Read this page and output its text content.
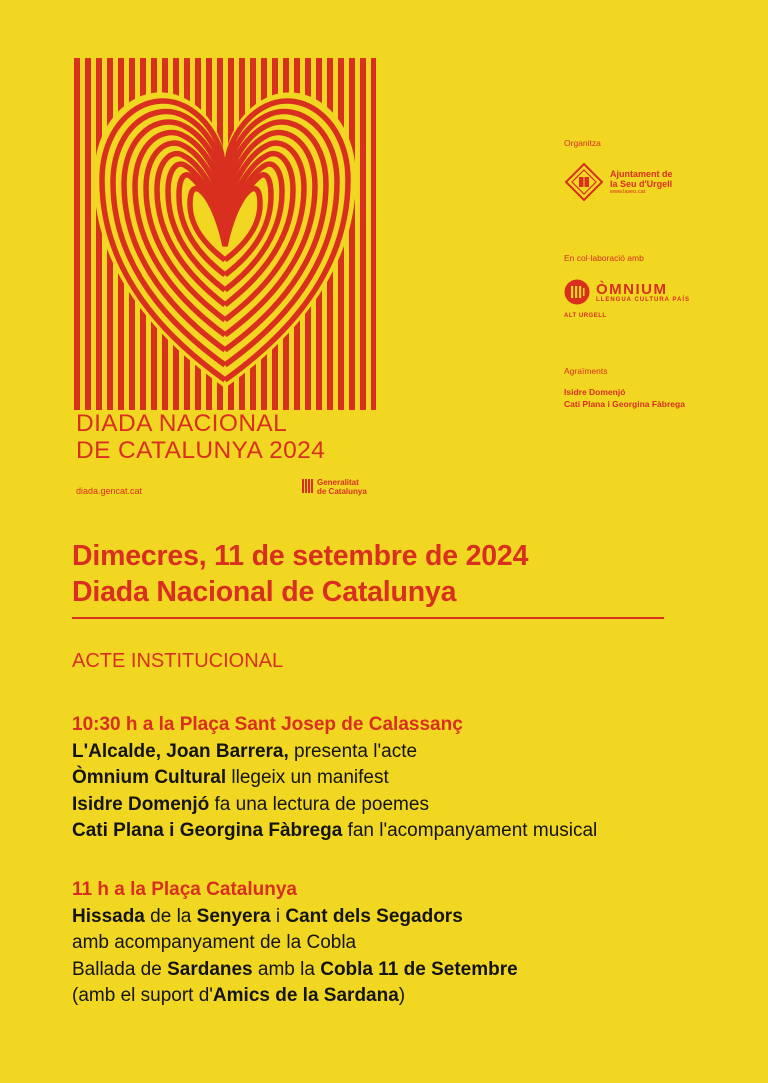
DIADA NACIONAL
DE CATALUNYA 2024
diada.gencat.cat
Generalitat
de Catalunya
Organitza
Ajuntament de
la Seu d'Urgell
www.laseu.cat
En col·laboració amb
ÒMNIUM
LLENGUA CULTURA PAÍS
ALT URGELL
Agraïments
Isidre Domenjó
Cati Plana i Georgina Fàbrega
Dimecres, 11 de setembre de 2024
Diada Nacional de Catalunya
ACTE INSTITUCIONAL
10:30 h a la Plaça Sant Josep de Calassanç
L'Alcalde, Joan Barrera, presenta l'acte
Òmnium Cultural llegeix un manifest
Isidre Domenjó fa una lectura de poemes
Cati Plana i Georgina Fàbrega fan l'acompanyament musical
11 h a la Plaça Catalunya
Hissada de la Senyera i Cant dels Segadors
amb acompanyament de la Cobla
Ballada de Sardanes amb la Cobla 11 de Setembre
(amb el suport d'Amics de la Sardana)
